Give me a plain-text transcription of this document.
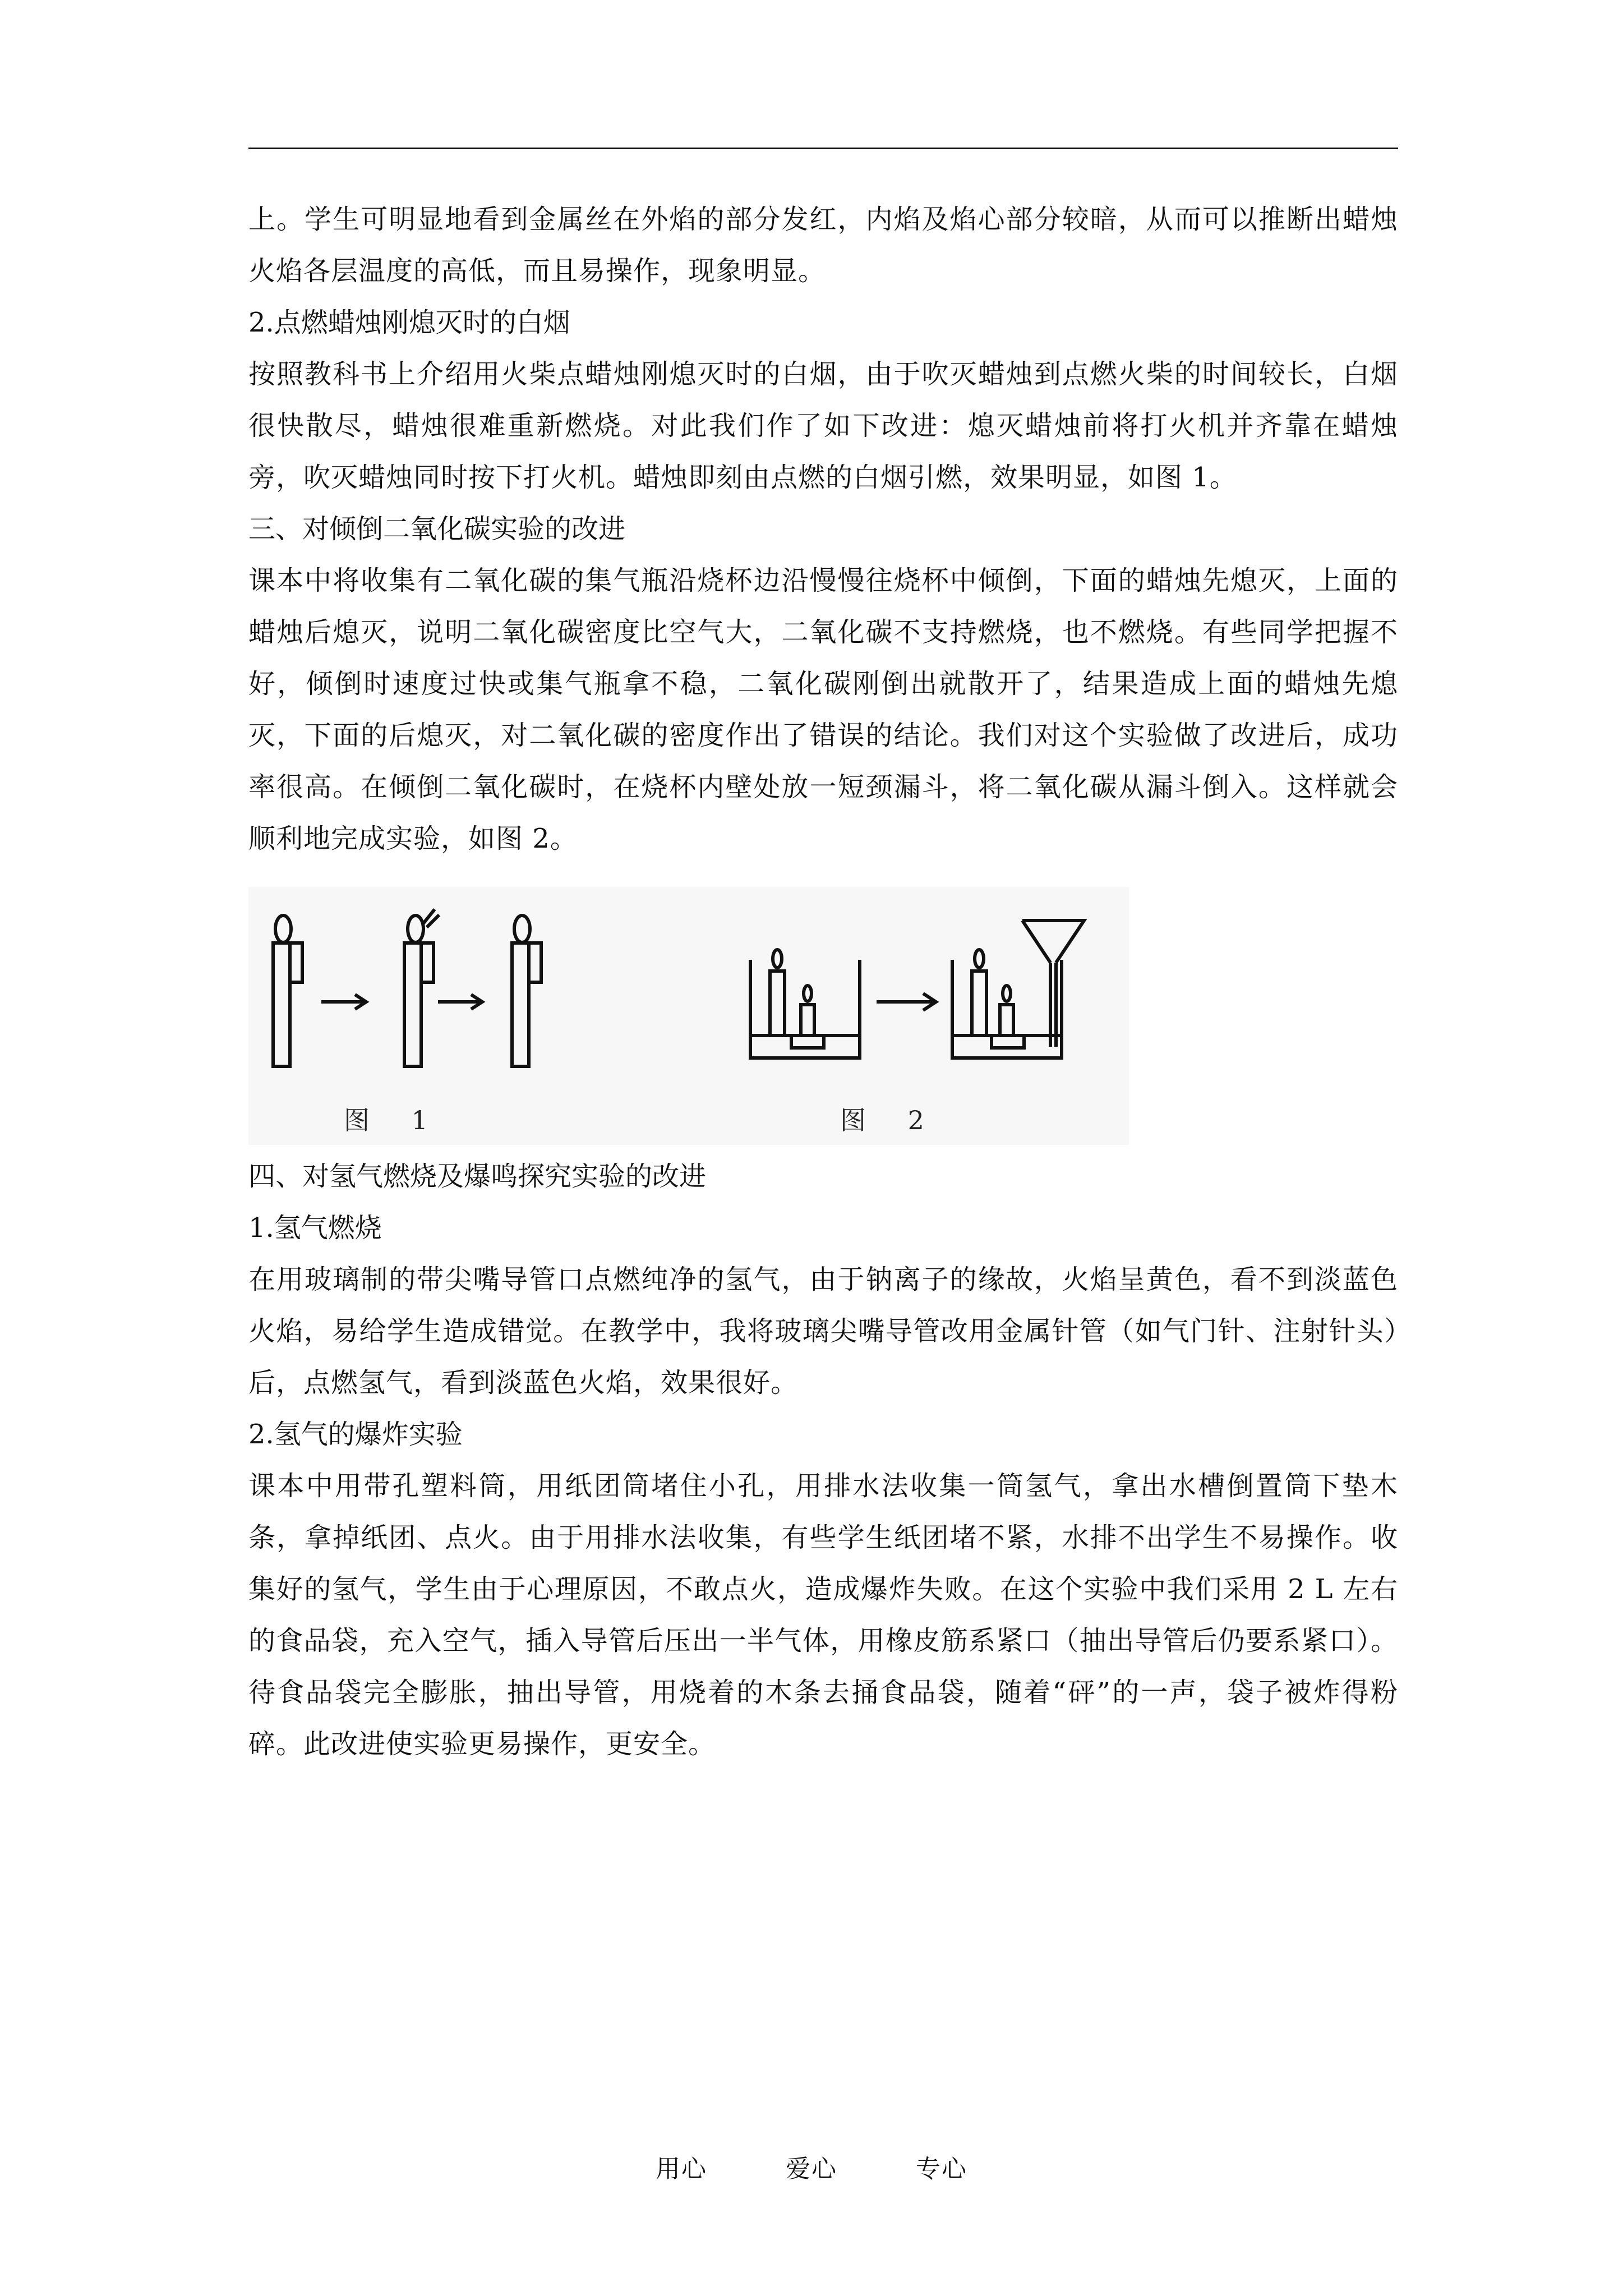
上。学生可明显地看到金属丝在外焰的部分发红，内焰及焰心部分较暗，从而可以推断出蜡烛火焰各层温度的高低，而且易操作，现象明显。

2.点燃蜡烛刚熄灭时的白烟

按照教科书上介绍用火柴点蜡烛刚熄灭时的白烟，由于吹灭蜡烛到点燃火柴的时间较长，白烟很快散尽，蜡烛很难重新燃烧。对此我们作了如下改进：熄灭蜡烛前将打火机并齐靠在蜡烛旁，吹灭蜡烛同时按下打火机。蜡烛即刻由点燃的白烟引燃，效果明显，如图 1。

三、对倾倒二氧化碳实验的改进

课本中将收集有二氧化碳的集气瓶沿烧杯边沿慢慢往烧杯中倾倒，下面的蜡烛先熄灭，上面的蜡烛后熄灭，说明二氧化碳密度比空气大，二氧化碳不支持燃烧，也不燃烧。有些同学把握不好，倾倒时速度过快或集气瓶拿不稳，二氧化碳刚倒出就散开了，结果造成上面的蜡烛先熄灭，下面的后熄灭，对二氧化碳的密度作出了错误的结论。我们对这个实验做了改进后，成功率很高。在倾倒二氧化碳时，在烧杯内壁处放一短颈漏斗，将二氧化碳从漏斗倒入。这样就会顺利地完成实验，如图 2。

图 1	图 2

四、对氢气燃烧及爆鸣探究实验的改进

1.氢气燃烧

在用玻璃制的带尖嘴导管口点燃纯净的氢气，由于钠离子的缘故，火焰呈黄色，看不到淡蓝色火焰，易给学生造成错觉。在教学中，我将玻璃尖嘴导管改用金属针管（如气门针、注射针头）后，点燃氢气，看到淡蓝色火焰，效果很好。

2.氢气的爆炸实验

课本中用带孔塑料筒，用纸团筒堵住小孔，用排水法收集一筒氢气，拿出水槽倒置筒下垫木条，拿掉纸团、点火。由于用排水法收集，有些学生纸团堵不紧，水排不出学生不易操作。收集好的氢气，学生由于心理原因，不敢点火，造成爆炸失败。在这个实验中我们采用 2 L 左右的食品袋，充入空气，插入导管后压出一半气体，用橡皮筋系紧口（抽出导管后仍要系紧口）。待食品袋完全膨胀，抽出导管，用烧着的木条去捅食品袋，随着“砰”的一声，袋子被炸得粉碎。此改进使实验更易操作，更安全。

用心	爱心	专心
